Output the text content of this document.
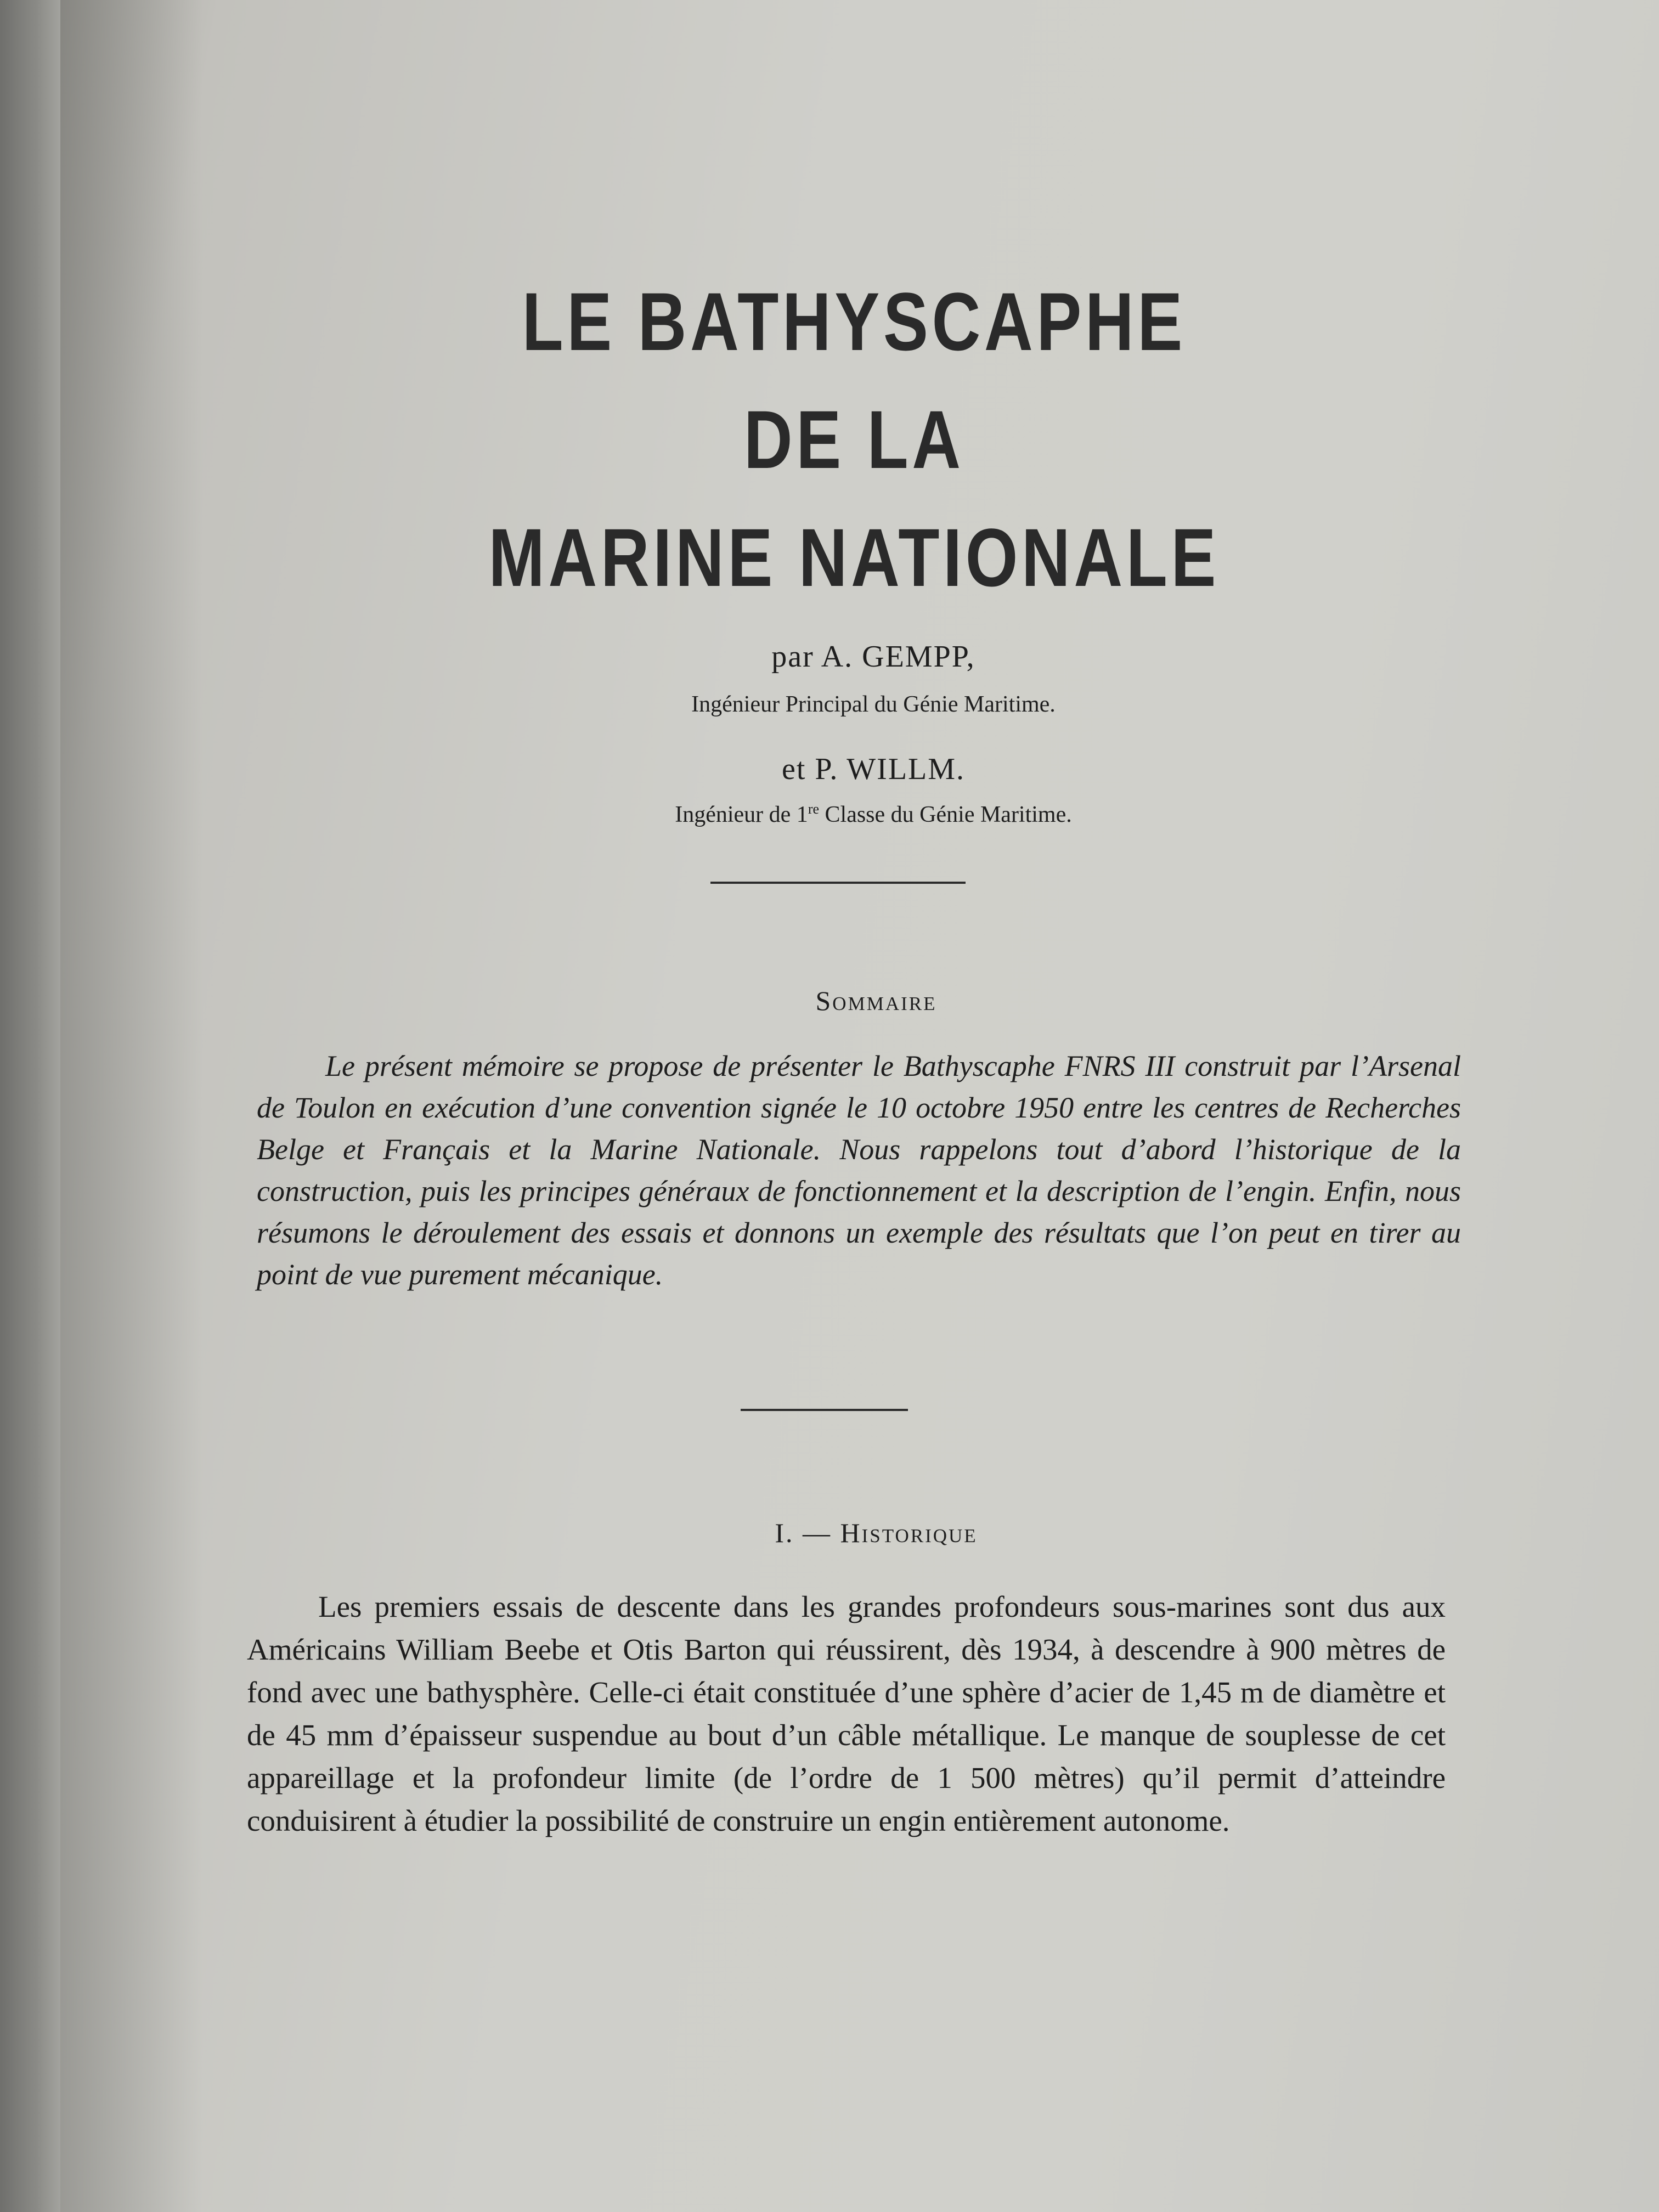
LE BATHYSCAPHE
DE LA
MARINE NATIONALE
par A. GEMPP,
Ingénieur Principal du Génie Maritime.
et P. WILLM.
Ingénieur de 1re Classe du Génie Maritime.
Sommaire

Le présent mémoire se propose de présenter le Bathyscaphe FNRS III construit par l’Arsenal de Toulon en exécution d’une convention signée le 10 octobre 1950 entre les centres de Recherches Belge et Français et la Marine Nationale. Nous rappelons tout d’abord l’historique de la construction, puis les principes généraux de fonctionnement et la description de l’engin. Enfin, nous résumons le déroulement des essais et donnons un exemple des résultats que l’on peut en tirer au point de vue purement mécanique.

I. — Historique

Les premiers essais de descente dans les grandes profondeurs sous-marines sont dus aux Américains William Beebe et Otis Barton qui réussirent, dès 1934, à descendre à 900 mètres de fond avec une bathysphère. Celle-ci était constituée d’une sphère d’acier de 1,45 m de diamètre et de 45 mm d’épaisseur suspendue au bout d’un câble métallique. Le manque de souplesse de cet appareillage et la profondeur limite (de l’ordre de 1 500 mètres) qu’il permit d’atteindre conduisirent à étudier la possibilité de construire un engin entièrement autonome.
